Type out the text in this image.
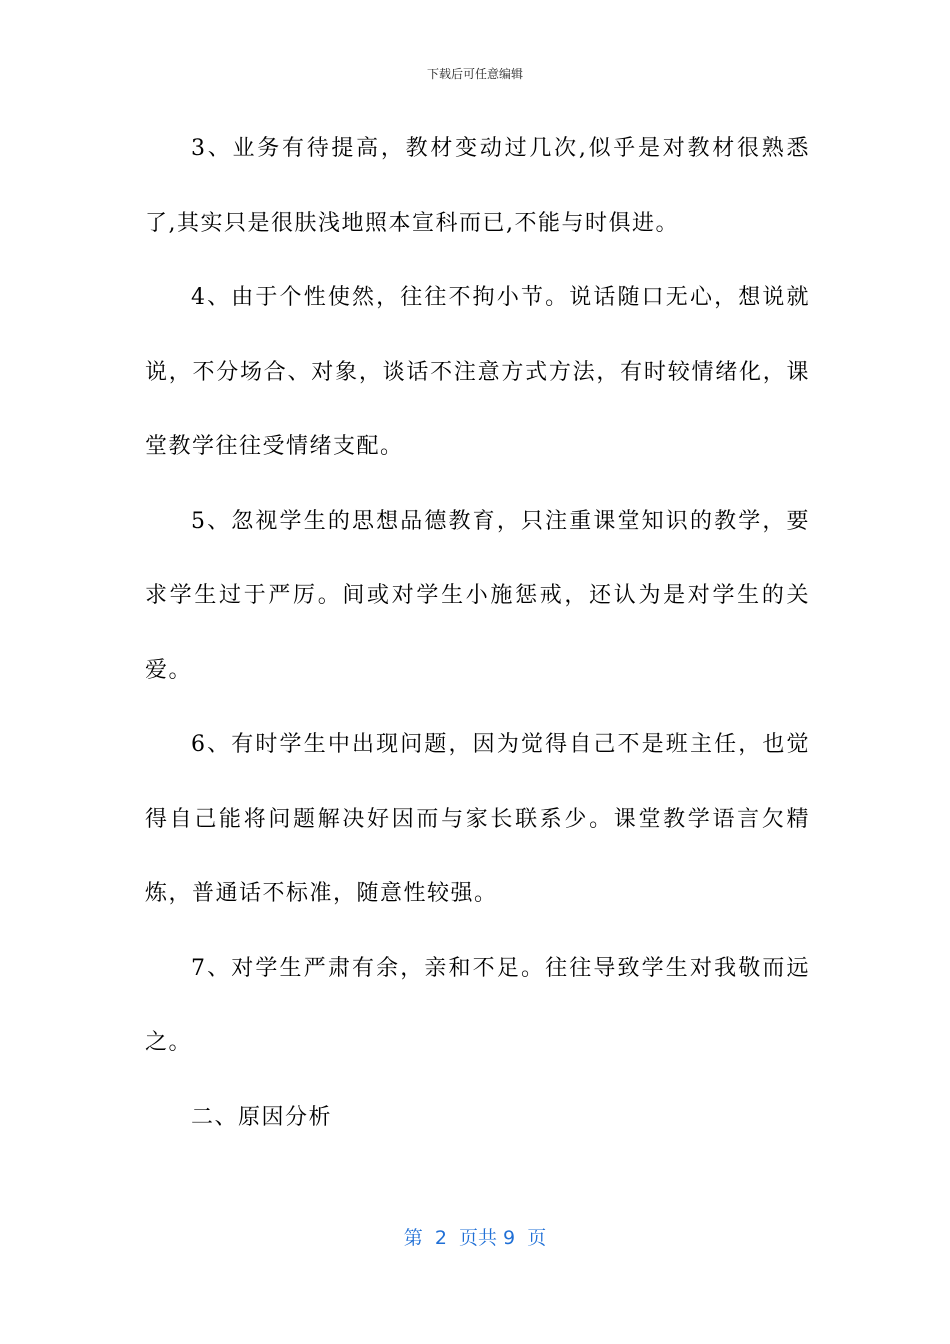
下载后可任意编辑

3、业务有待提高，教材变动过几次,似乎是对教材很熟悉了,其实只是很肤浅地照本宣科而已,不能与时俱进。

4、由于个性使然，往往不拘小节。说话随口无心，想说就说，不分场合、对象，谈话不注意方式方法，有时较情绪化，课堂教学往往受情绪支配。

5、忽视学生的思想品德教育，只注重课堂知识的教学，要求学生过于严厉。间或对学生小施惩戒，还认为是对学生的关爱。

6、有时学生中出现问题，因为觉得自己不是班主任，也觉得自己能将问题解决好因而与家长联系少。课堂教学语言欠精炼，普通话不标准，随意性较强。

7、对学生严肃有余，亲和不足。往往导致学生对我敬而远之。

二、原因分析

第  2  页共 9  页
